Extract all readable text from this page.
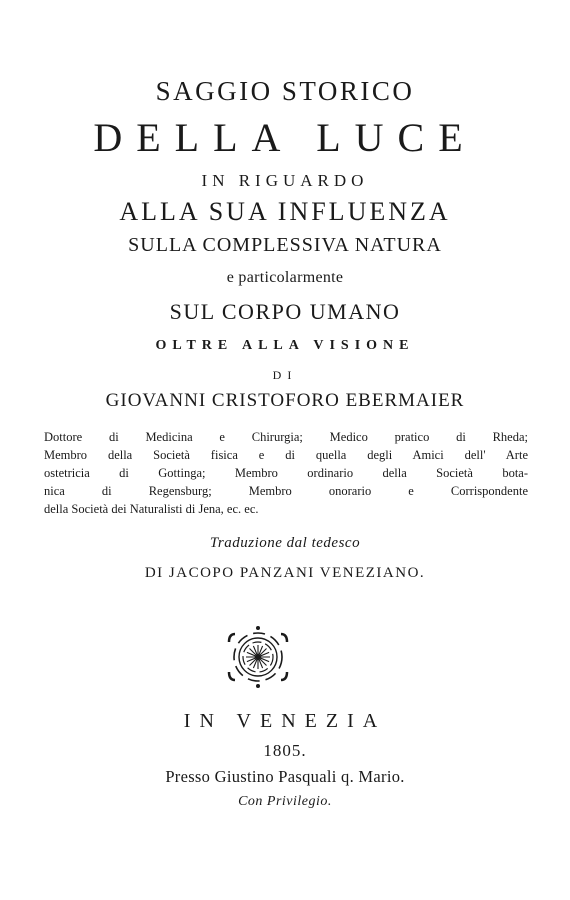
SAGGIO STORICO
DELLA LUCE
IN RIGUARDO
ALLA SUA INFLUENZA
SULLA COMPLESSIVA NATURA
e particolarmente
SUL CORPO UMANO
OLTRE ALLA VISIONE
DI
GIOVANNI CRISTOFORO EBERMAIER
Dottore di Medicina e Chirurgia; Medico pratico di Rheda;
Membro della Società fisica e di quella degli Amici dell' Arte
ostetricia di Gottinga; Membro ordinario della Società bota-
nica di Regensburg; Membro onorario e Corrispondente
della Società dei Naturalisti di Jena, ec. ec.
Traduzione dal tedesco
DI JACOPO PANZANI VENEZIANO.
IN VENEZIA
1805.
Presso Giustino Pasquali q. Mario.
Con Privilegio.
